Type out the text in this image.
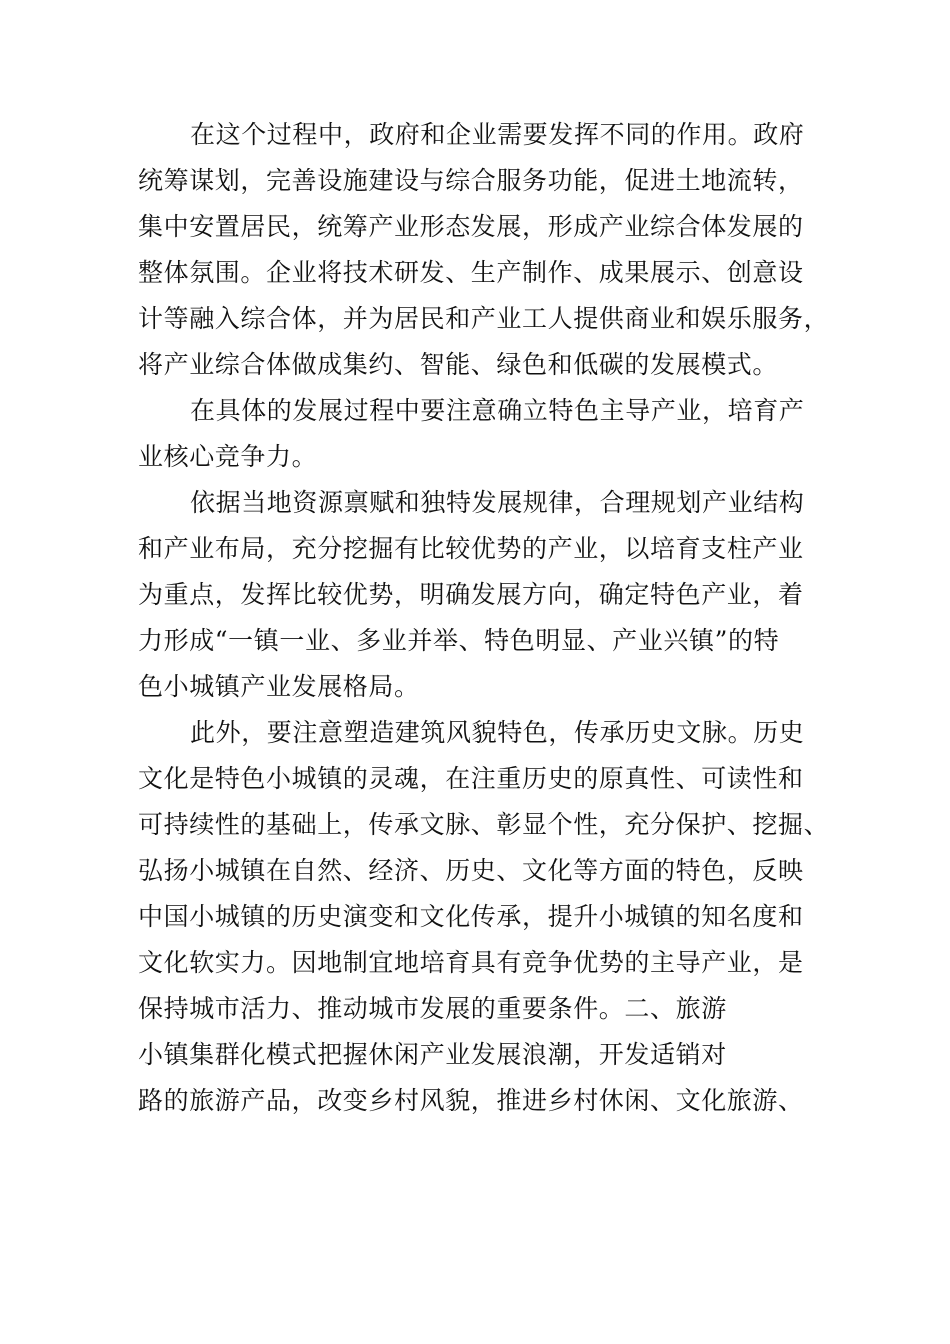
在这个过程中，政府和企业需要发挥不同的作用。政府
统筹谋划，完善设施建设与综合服务功能，促进土地流转，
集中安置居民，统筹产业形态发展，形成产业综合体发展的
整体氛围。企业将技术研发、生产制作、成果展示、创意设
计等融入综合体，并为居民和产业工人提供商业和娱乐服务，
将产业综合体做成集约、智能、绿色和低碳的发展模式。
在具体的发展过程中要注意确立特色主导产业，培育产
业核心竞争力。
依据当地资源禀赋和独特发展规律，合理规划产业结构
和产业布局，充分挖掘有比较优势的产业，以培育支柱产业
为重点，发挥比较优势，明确发展方向，确定特色产业，着
力形成“一镇一业、多业并举、特色明显、产业兴镇”的特
色小城镇产业发展格局。
此外，要注意塑造建筑风貌特色，传承历史文脉。历史
文化是特色小城镇的灵魂，在注重历史的原真性、可读性和
可持续性的基础上，传承文脉、彰显个性，充分保护、挖掘、
弘扬小城镇在自然、经济、历史、文化等方面的特色，反映
中国小城镇的历史演变和文化传承，提升小城镇的知名度和
文化软实力。因地制宜地培育具有竞争优势的主导产业，是
保持城市活力、推动城市发展的重要条件。二、旅游
小镇集群化模式把握休闲产业发展浪潮，开发适销对
路的旅游产品，改变乡村风貌，推进乡村休闲、文化旅游、
